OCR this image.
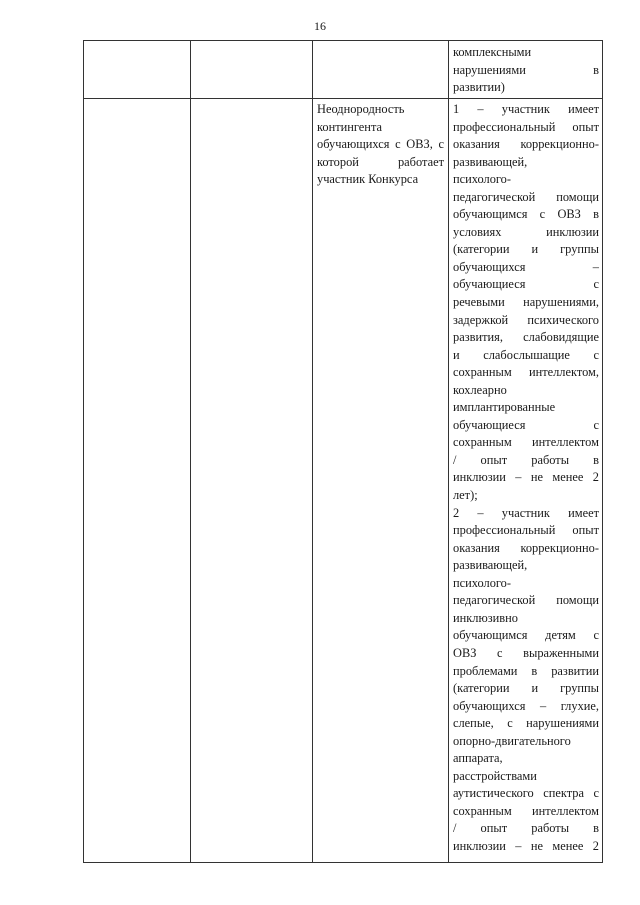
16
комплексными
нарушениями в
развитии)
Неоднородность
контингента
обучающихся с ОВЗ, с
которой работает
участник Конкурса
1 – участник имеет
профессиональный опыт
оказания коррекционно-
развивающей,
психолого-
педагогической помощи
обучающимся с ОВЗ в
условиях инклюзии
(категории и группы
обучающихся –
обучающиеся с
речевыми нарушениями,
задержкой психического
развития, слабовидящие
и слабослышащие с
сохранным интеллектом,
кохлеарно
имплантированные
обучающиеся с
сохранным интеллектом
/ опыт работы в
инклюзии – не менее 2
лет);
2 – участник имеет
профессиональный опыт
оказания коррекционно-
развивающей,
психолого-
педагогической помощи
инклюзивно
обучающимся детям с
ОВЗ с выраженными
проблемами в развитии
(категории и группы
обучающихся – глухие,
слепые, с нарушениями
опорно-двигательного
аппарата,
расстройствами
аутистического спектра с
сохранным интеллектом
/ опыт работы в
инклюзии – не менее 2
